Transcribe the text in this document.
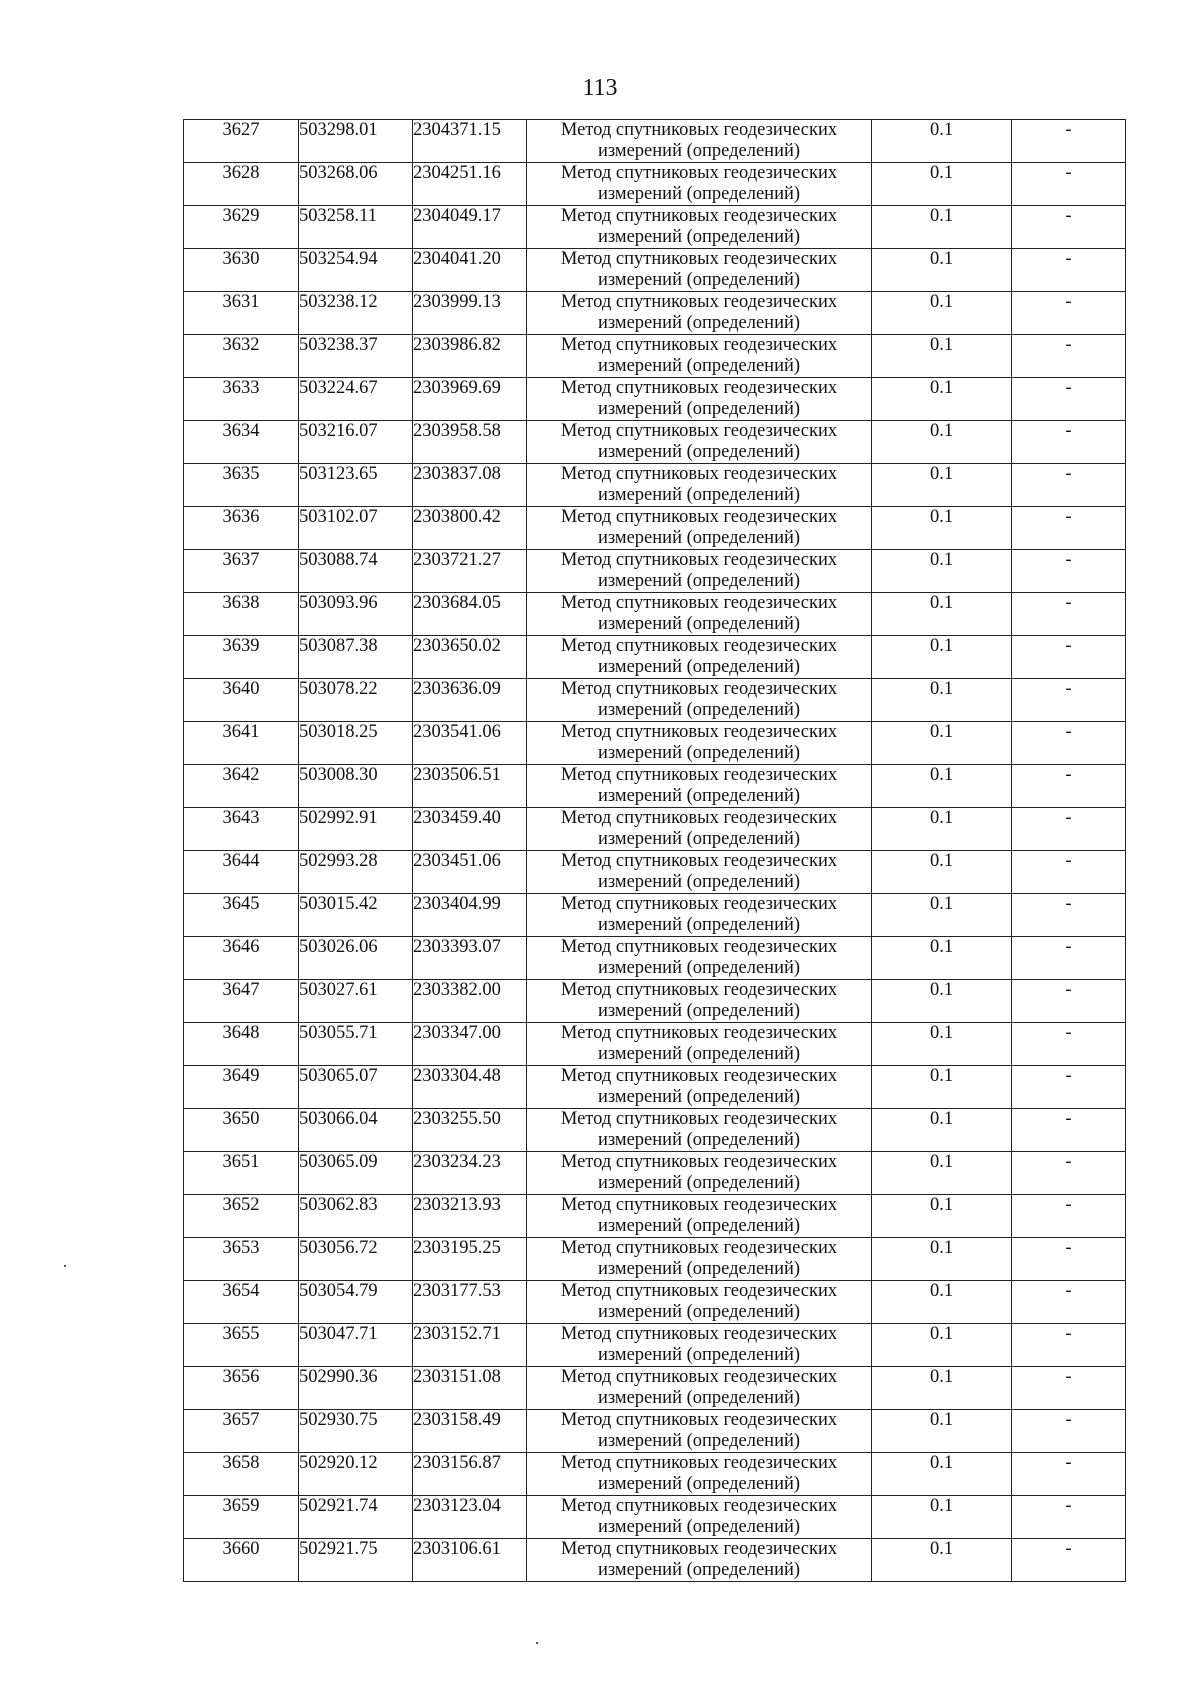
113
3627	503298.01	2304371.15	Метод спутниковых геодезических
измерений (определений)	0.1	-
3628	503268.06	2304251.16	Метод спутниковых геодезических
измерений (определений)	0.1	-
3629	503258.11	2304049.17	Метод спутниковых геодезических
измерений (определений)	0.1	-
3630	503254.94	2304041.20	Метод спутниковых геодезических
измерений (определений)	0.1	-
3631	503238.12	2303999.13	Метод спутниковых геодезических
измерений (определений)	0.1	-
3632	503238.37	2303986.82	Метод спутниковых геодезических
измерений (определений)	0.1	-
3633	503224.67	2303969.69	Метод спутниковых геодезических
измерений (определений)	0.1	-
3634	503216.07	2303958.58	Метод спутниковых геодезических
измерений (определений)	0.1	-
3635	503123.65	2303837.08	Метод спутниковых геодезических
измерений (определений)	0.1	-
3636	503102.07	2303800.42	Метод спутниковых геодезических
измерений (определений)	0.1	-
3637	503088.74	2303721.27	Метод спутниковых геодезических
измерений (определений)	0.1	-
3638	503093.96	2303684.05	Метод спутниковых геодезических
измерений (определений)	0.1	-
3639	503087.38	2303650.02	Метод спутниковых геодезических
измерений (определений)	0.1	-
3640	503078.22	2303636.09	Метод спутниковых геодезических
измерений (определений)	0.1	-
3641	503018.25	2303541.06	Метод спутниковых геодезических
измерений (определений)	0.1	-
3642	503008.30	2303506.51	Метод спутниковых геодезических
измерений (определений)	0.1	-
3643	502992.91	2303459.40	Метод спутниковых геодезических
измерений (определений)	0.1	-
3644	502993.28	2303451.06	Метод спутниковых геодезических
измерений (определений)	0.1	-
3645	503015.42	2303404.99	Метод спутниковых геодезических
измерений (определений)	0.1	-
3646	503026.06	2303393.07	Метод спутниковых геодезических
измерений (определений)	0.1	-
3647	503027.61	2303382.00	Метод спутниковых геодезических
измерений (определений)	0.1	-
3648	503055.71	2303347.00	Метод спутниковых геодезических
измерений (определений)	0.1	-
3649	503065.07	2303304.48	Метод спутниковых геодезических
измерений (определений)	0.1	-
3650	503066.04	2303255.50	Метод спутниковых геодезических
измерений (определений)	0.1	-
3651	503065.09	2303234.23	Метод спутниковых геодезических
измерений (определений)	0.1	-
3652	503062.83	2303213.93	Метод спутниковых геодезических
измерений (определений)	0.1	-
3653	503056.72	2303195.25	Метод спутниковых геодезических
измерений (определений)	0.1	-
3654	503054.79	2303177.53	Метод спутниковых геодезических
измерений (определений)	0.1	-
3655	503047.71	2303152.71	Метод спутниковых геодезических
измерений (определений)	0.1	-
3656	502990.36	2303151.08	Метод спутниковых геодезических
измерений (определений)	0.1	-
3657	502930.75	2303158.49	Метод спутниковых геодезических
измерений (определений)	0.1	-
3658	502920.12	2303156.87	Метод спутниковых геодезических
измерений (определений)	0.1	-
3659	502921.74	2303123.04	Метод спутниковых геодезических
измерений (определений)	0.1	-
3660	502921.75	2303106.61	Метод спутниковых геодезических
измерений (определений)	0.1	-
